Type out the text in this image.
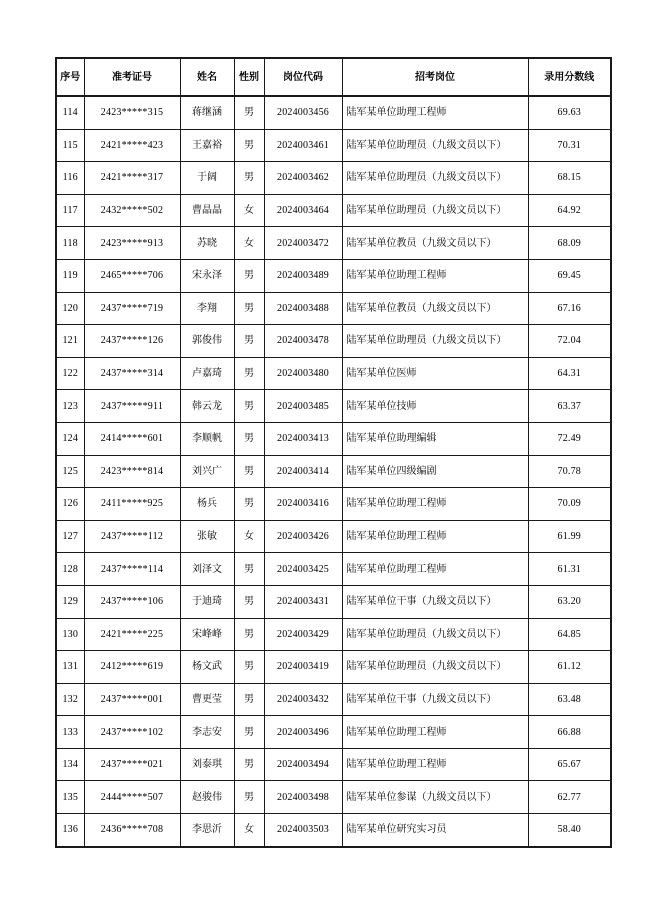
序号	准考证号	姓名	性别	岗位代码	招考岗位	录用分数线
114	2423*****315	蒋继涵	男	2024003456	陆军某单位助理工程师	69.63
115	2421*****423	王嘉裕	男	2024003461	陆军某单位助理员（九级文员以下）	70.31
116	2421*****317	于阔	男	2024003462	陆军某单位助理员（九级文员以下）	68.15
117	2432*****502	曹晶晶	女	2024003464	陆军某单位助理员（九级文员以下）	64.92
118	2423*****913	苏晓	女	2024003472	陆军某单位教员（九级文员以下）	68.09
119	2465*****706	宋永泽	男	2024003489	陆军某单位助理工程师	69.45
120	2437*****719	李翔	男	2024003488	陆军某单位教员（九级文员以下）	67.16
121	2437*****126	郭俊伟	男	2024003478	陆军某单位助理员（九级文员以下）	72.04
122	2437*****314	卢嘉琦	男	2024003480	陆军某单位医师	64.31
123	2437*****911	韩云龙	男	2024003485	陆军某单位技师	63.37
124	2414*****601	李顺帆	男	2024003413	陆军某单位助理编辑	72.49
125	2423*****814	刘兴广	男	2024003414	陆军某单位四级编剧	70.78
126	2411*****925	杨兵	男	2024003416	陆军某单位助理工程师	70.09
127	2437*****112	张敏	女	2024003426	陆军某单位助理工程师	61.99
128	2437*****114	刘泽文	男	2024003425	陆军某单位助理工程师	61.31
129	2437*****106	于迪琦	男	2024003431	陆军某单位干事（九级文员以下）	63.20
130	2421*****225	宋峰峰	男	2024003429	陆军某单位助理员（九级文员以下）	64.85
131	2412*****619	杨文武	男	2024003419	陆军某单位助理员（九级文员以下）	61.12
132	2437*****001	曹更莹	男	2024003432	陆军某单位干事（九级文员以下）	63.48
133	2437*****102	李志安	男	2024003496	陆军某单位助理工程师	66.88
134	2437*****021	刘泰琪	男	2024003494	陆军某单位助理工程师	65.67
135	2444*****507	赵骏伟	男	2024003498	陆军某单位参谋（九级文员以下）	62.77
136	2436*****708	李思沂	女	2024003503	陆军某单位研究实习员	58.40
